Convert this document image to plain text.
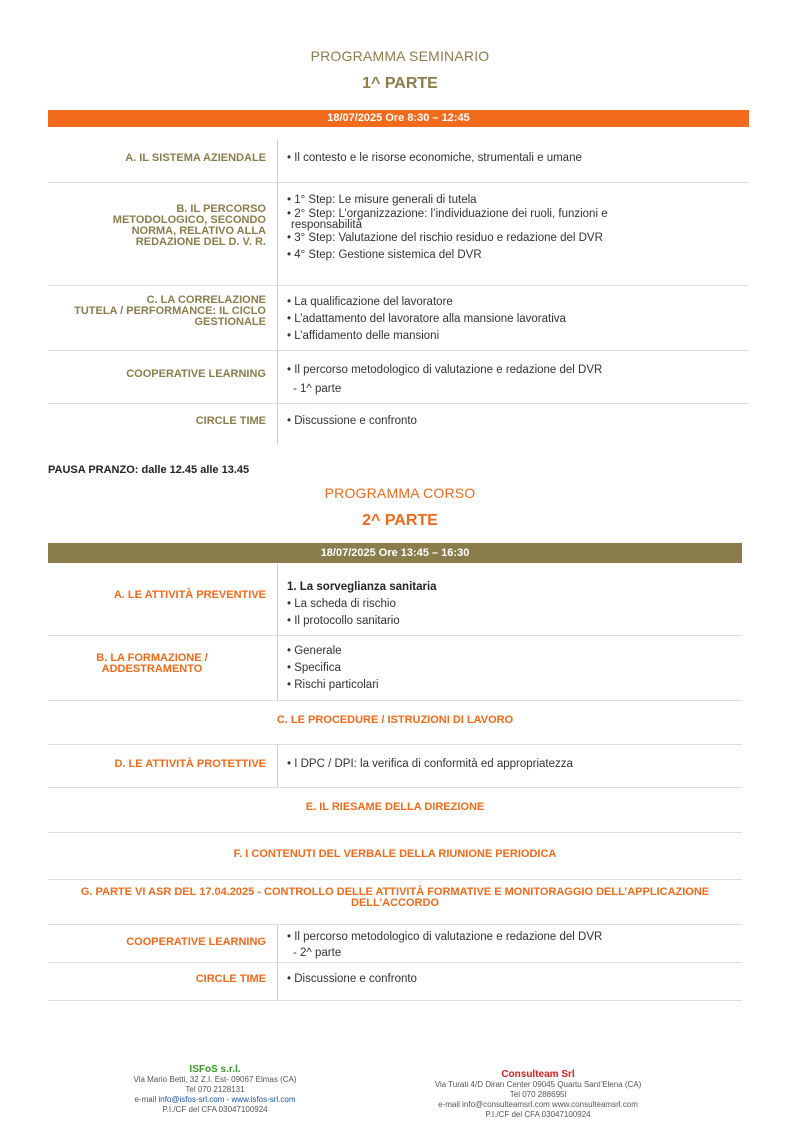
PROGRAMMA SEMINARIO
1^ PARTE
18/07/2025 Ore 8:30 – 12:45
A. IL SISTEMA AZIENDALE • Il contesto e le risorse economiche, strumentali e umane
B. IL PERCORSO
METODOLOGICO, SECONDO
NORMA, RELATIVO ALLA
REDAZIONE DEL D. V. R.
• 1° Step: Le misure generali di tutela
• 2° Step: L’organizzazione: l’individuazione dei ruoli, funzioni e
responsabilità
• 3° Step: Valutazione del rischio residuo e redazione del DVR
• 4° Step: Gestione sistemica del DVR
C. LA CORRELAZIONE
TUTELA / PERFORMANCE: IL CICLO
GESTIONALE
• La qualificazione del lavoratore
• L’adattamento del lavoratore alla mansione lavorativa
• L’affidamento delle mansioni
COOPERATIVE LEARNING • Il percorso metodologico di valutazione e redazione del DVR
- 1^ parte
CIRCLE TIME • Discussione e confronto
PAUSA PRANZO: dalle 12.45 alle 13.45
PROGRAMMA CORSO
2^ PARTE
18/07/2025 Ore 13:45 – 16:30
A. LE ATTIVITÀ PREVENTIVE
1. La sorveglianza sanitaria
• La scheda di rischio
• Il protocollo sanitario
B. LA FORMAZIONE /
ADDESTRAMENTO
• Generale
• Specifica
• Rischi particolari
C. LE PROCEDURE / ISTRUZIONI DI LAVORO
D. LE ATTIVITÀ PROTETTIVE • I DPC / DPI: la verifica di conformità ed appropriatezza
E. IL RIESAME DELLA DIREZIONE
F. I CONTENUTI DEL VERBALE DELLA RIUNIONE PERIODICA
G. PARTE VI ASR DEL 17.04.2025 - CONTROLLO DELLE ATTIVITÀ FORMATIVE E MONITORAGGIO DELL’APPLICAZIONE
DELL’ACCORDO
COOPERATIVE LEARNING • Il percorso metodologico di valutazione e redazione del DVR
- 2^ parte
CIRCLE TIME • Discussione e confronto
ISFoS s.r.l.
Via Mario Betti, 32 Z.I. Est- 09067 Elmas (CA)
Tel 070 2128131
e-mail info@isfos-srl.com - www.isfos-srl.com
P.I./CF del CFA 03047100924
Consulteam Srl
Via Turati 4/D Diran Center 09045 Quartu Sant’Elena (CA)
Tel 070 288695l
e-mail info@consulteamsrl.com www.consulteamsrl.com
P.I./CF del CFA 03047100924
